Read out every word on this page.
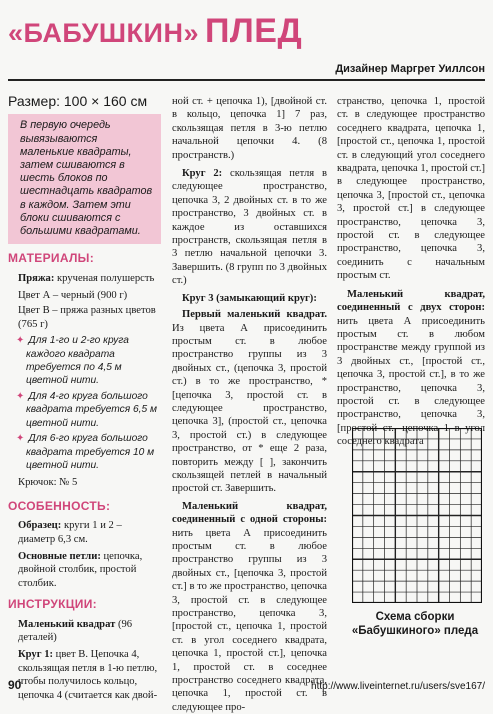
«БАБУШКИН» ПЛЕД
Дизайнер Маргрет Уиллсон

Размер: 100 × 160 см

В первую очередь вывязываются маленькие квадраты, затем сшиваются в шесть блоков по шестнадцать квадратов в каждом. Затем эти блоки сшиваются с большими квадратами.

МАТЕРИАЛЫ:

Пряжа: крученая полушерсть

Цвет А – черный (900 г)

Цвет В – пряжа разных цветов (765 г)

✦ Для 1-го и 2-го круга каждого квадрата требуется по 4,5 м цветной нити.

✦ Для 4-го круга большого квадрата требуется 6,5 м цветной нити.

✦ Для 6-го круга большого квадрата требуется 10 м цветной нити.

Крючок: № 5

ОСОБЕННОСТЬ:

Образец: круги 1 и 2 – диаметр 6,3 см.

Основные петли: цепочка, двойной столбик, простой столбик.

ИНСТРУКЦИИ:

Маленький квадрат (96 деталей)

Круг 1: цвет В. Цепочка 4, скользящая петля в 1-ю петлю, чтобы получилось кольцо, цепочка 4 (считается как двой-

ной ст. + цепочка 1), [двойной ст. в кольцо, цепочка 1] 7 раз, скользящая петля в 3-ю петлю начальной цепочки 4. (8 пространств.)

Круг 2: скользящая петля в следующее пространство, цепочка 3, 2 двойных ст. в то же пространство, 3 двойных ст. в каждое из оставшихся пространств, скользящая петля в 3 петлю начальной цепочки 3. Завершить. (8 групп по 3 двойных ст.)

Круг 3 (замыкающий круг):

Первый маленький квадрат. Из цвета А присоединить простым ст. в любое пространство группы из 3 двойных ст., (цепочка 3, простой ст.) в то же пространство, *[цепочка 3, простой ст. в следующее пространство, цепочка 3], (простой ст., цепочка 3, простой ст.) в следующее пространство, от * еще 2 раза, повторить между [ ], закончить скользящей петлей в начальный простой ст. Завершить.

Маленький квадрат, соединенный с одной стороны: нить цвета А присоединить простым ст. в любое пространство группы из 3 двойных ст., [цепочка 3, простой ст.] в то же пространство, цепочка 3, простой ст. в следующее пространство, цепочка 3, [простой ст., цепочка 1, простой ст. в угол соседнего квадрата, цепочка 1, простой ст.], цепочка 1, простой ст. в соседнее пространство соседнего квадрата, цепочка 1, простой ст. в следующее про-

странство, цепочка 1, простой ст. в следующее пространство соседнего квадрата, цепочка 1, [простой ст., цепочка 1, простой ст. в следующий угол соседнего квадрата, цепочка 1, простой ст.] в следующее пространство, цепочка 3, [простой ст., цепочка 3, простой ст.] в следующее пространство, цепочка 3, простой ст. в следующее пространство, цепочка 3, соединить с начальным простым ст.

Маленький квадрат, соединенный с двух сторон: нить цвета А присоединить простым ст. в любом пространстве между группой из 3 двойных ст., [простой ст., цепочка 3, простой ст.], в то же пространство, цепочка 3, простой ст. в следующее пространство, цепочка 3, [простой ст., цепочка 1 в угол соседнего квадрата

Схема сборки
«Бабушкиного» пледа
90	http://www.liveinternet.ru/users/sve167/
